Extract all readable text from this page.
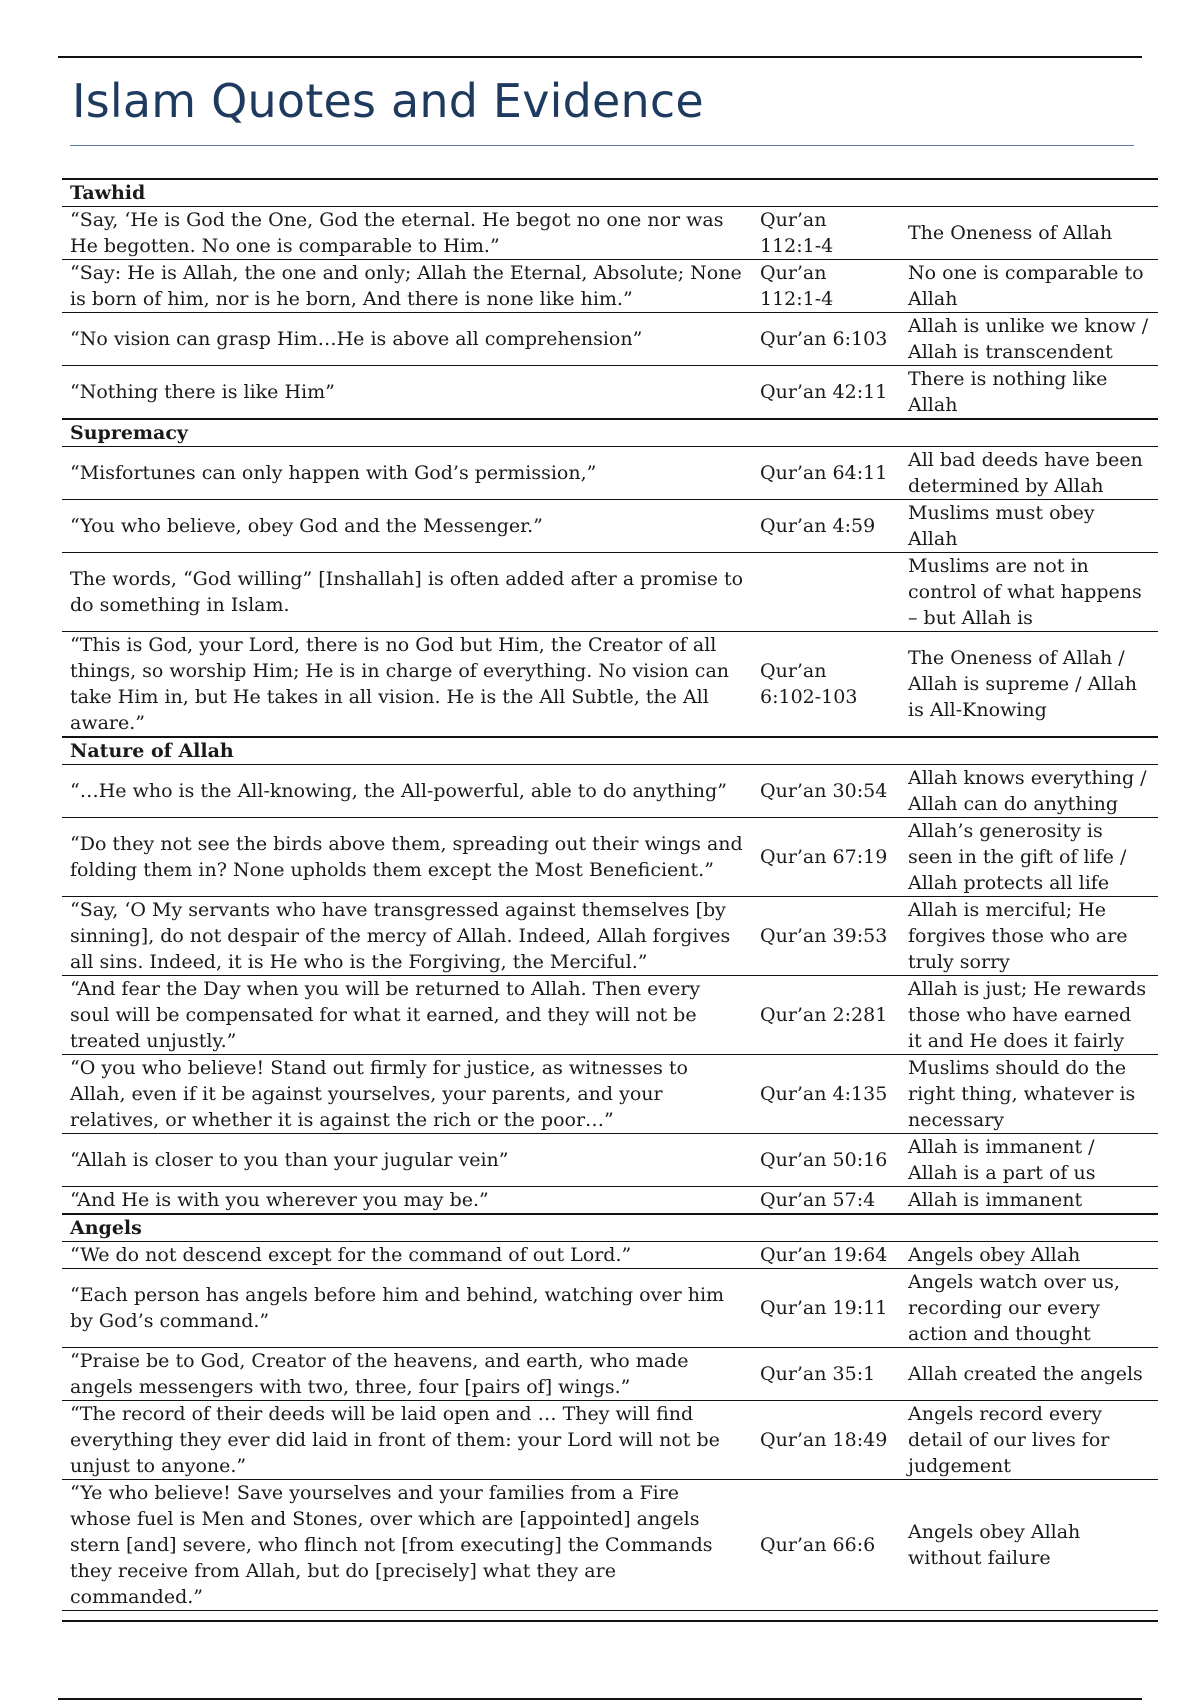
Islam Quotes and Evidence
Tawhid		
“Say, ‘He is God the One, God the eternal. He begot no one nor was He begotten. No one is comparable to Him.”	Qur’an 112:1-4	The Oneness of Allah
“Say: He is Allah, the one and only; Allah the Eternal, Absolute; None is born of him, nor is he born, And there is none like him.”	Qur’an 112:1-4	No one is comparable to Allah
“No vision can grasp Him…He is above all comprehension”	Qur’an 6:103	Allah is unlike we know / Allah is transcendent
“Nothing there is like Him”	Qur’an 42:11	There is nothing like Allah
Supremacy		
“Misfortunes can only happen with God’s permission,”	Qur’an 64:11	All bad deeds have been determined by Allah
“You who believe, obey God and the Messenger.”	Qur’an 4:59	Muslims must obey Allah
The words, “God willing” [Inshallah] is often added after a promise to do something in Islam.		Muslims are not in control of what happens – but Allah is
“This is God, your Lord, there is no God but Him, the Creator of all things, so worship Him; He is in charge of everything. No vision can take Him in, but He takes in all vision. He is the All Subtle, the All aware.”	Qur’an 6:102-103	The Oneness of Allah / Allah is supreme / Allah is All-Knowing
Nature of Allah		
“…He who is the All-knowing, the All-powerful, able to do anything”	Qur’an 30:54	Allah knows everything / Allah can do anything
“Do they not see the birds above them, spreading out their wings and folding them in? None upholds them except the Most Beneficient.”	Qur’an 67:19	Allah’s generosity is seen in the gift of life / Allah protects all life
“Say, ‘O My servants who have transgressed against themselves [by sinning], do not despair of the mercy of Allah. Indeed, Allah forgives all sins. Indeed, it is He who is the Forgiving, the Merciful.”	Qur’an 39:53	Allah is merciful; He forgives those who are truly sorry
“And fear the Day when you will be returned to Allah. Then every soul will be compensated for what it earned, and they will not be treated unjustly.”	Qur’an 2:281	Allah is just; He rewards those who have earned it and He does it fairly
“O you who believe! Stand out firmly for justice, as witnesses to Allah, even if it be against yourselves, your parents, and your relatives, or whether it is against the rich or the poor…”	Qur’an 4:135	Muslims should do the right thing, whatever is necessary
“Allah is closer to you than your jugular vein”	Qur’an 50:16	Allah is immanent / Allah is a part of us
“And He is with you wherever you may be.”	Qur’an 57:4	Allah is immanent
Angels		
“We do not descend except for the command of out Lord.”	Qur’an 19:64	Angels obey Allah
“Each person has angels before him and behind, watching over him by God’s command.”	Qur’an 19:11	Angels watch over us, recording our every action and thought
“Praise be to God, Creator of the heavens, and earth, who made angels messengers with two, three, four [pairs of] wings.”	Qur’an 35:1	Allah created the angels
“The record of their deeds will be laid open and … They will find everything they ever did laid in front of them: your Lord will not be unjust to anyone.”	Qur’an 18:49	Angels record every detail of our lives for judgement
“Ye who believe! Save yourselves and your families from a Fire whose fuel is Men and Stones, over which are [appointed] angels stern [and] severe, who flinch not [from executing] the Commands they receive from Allah, but do [precisely] what they are commanded.”	Qur’an 66:6	Angels obey Allah without failure
